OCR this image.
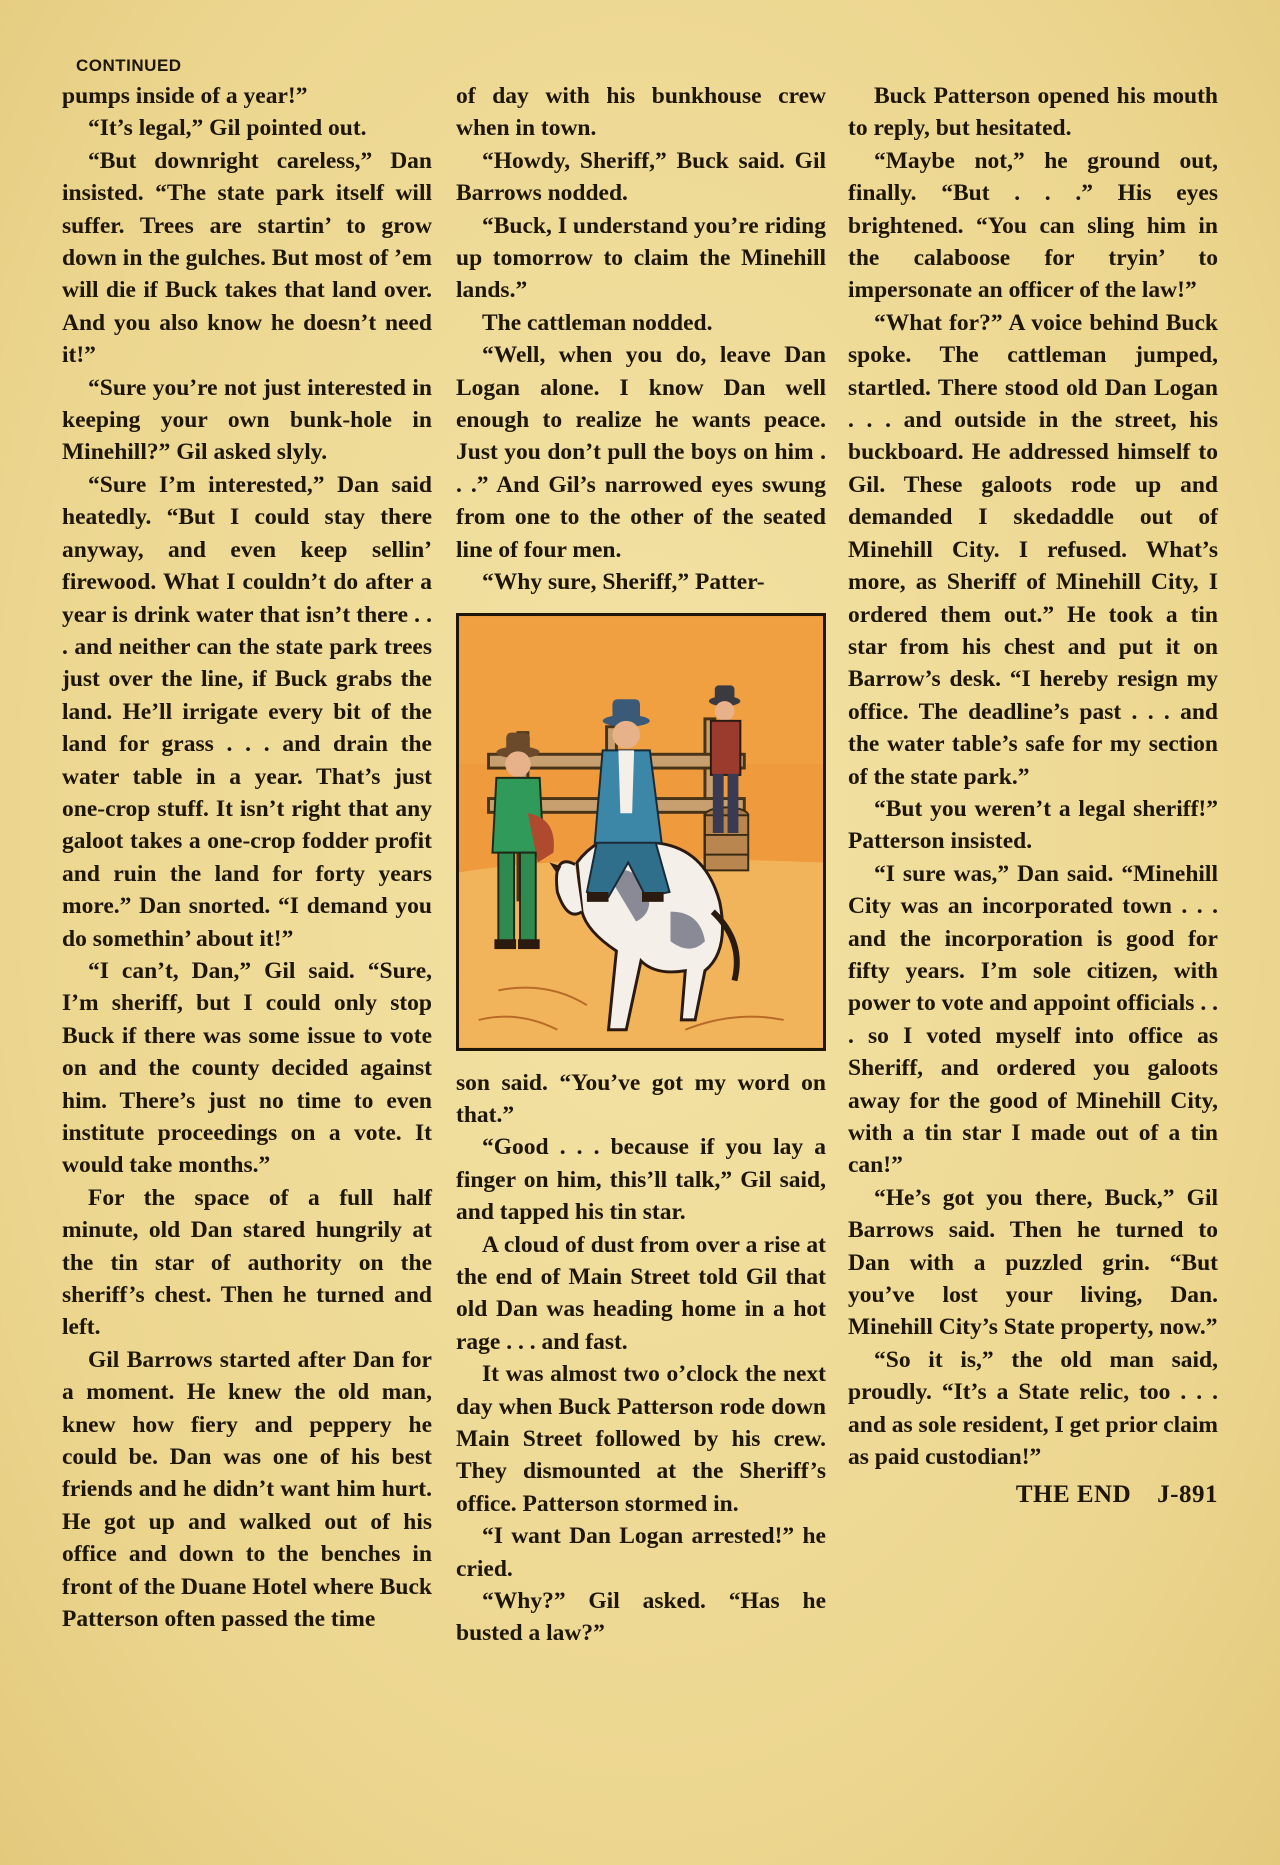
CONTINUED

pumps inside of a year!”

“It’s legal,” Gil pointed out.

“But downright careless,” Dan insisted. “The state park itself will suffer. Trees are startin’ to grow down in the gulches. But most of ’em will die if Buck takes that land over. And you also know he doesn’t need it!”

“Sure you’re not just interested in keeping your own bunk-hole in Minehill?” Gil asked slyly.

“Sure I’m interested,” Dan said heatedly. “But I could stay there anyway, and even keep sellin’ firewood. What I couldn’t do after a year is drink water that isn’t there . . . and neither can the state park trees just over the line, if Buck grabs the land. He’ll irrigate every bit of the land for grass . . . and drain the water table in a year. That’s just one-crop stuff. It isn’t right that any galoot takes a one-crop fodder profit and ruin the land for forty years more.” Dan snorted. “I demand you do somethin’ about it!”

“I can’t, Dan,” Gil said. “Sure, I’m sheriff, but I could only stop Buck if there was some issue to vote on and the county decided against him. There’s just no time to even institute proceedings on a vote. It would take months.”

For the space of a full half minute, old Dan stared hungrily at the tin star of authority on the sheriff’s chest. Then he turned and left.

Gil Barrows started after Dan for a moment. He knew the old man, knew how fiery and peppery he could be. Dan was one of his best friends and he didn’t want him hurt. He got up and walked out of his office and down to the benches in front of the Duane Hotel where Buck Patterson often passed the time

of day with his bunkhouse crew when in town.

“Howdy, Sheriff,” Buck said. Gil Barrows nodded.

“Buck, I understand you’re riding up tomorrow to claim the Minehill lands.”

The cattleman nodded.

“Well, when you do, leave Dan Logan alone. I know Dan well enough to realize he wants peace. Just you don’t pull the boys on him . . .” And Gil’s narrowed eyes swung from one to the other of the seated line of four men.

“Why sure, Sheriff,” Patter-

son said. “You’ve got my word on that.”

“Good . . . because if you lay a finger on him, this’ll talk,” Gil said, and tapped his tin star.

A cloud of dust from over a rise at the end of Main Street told Gil that old Dan was heading home in a hot rage . . . and fast.

It was almost two o’clock the next day when Buck Patterson rode down Main Street followed by his crew. They dismounted at the Sheriff’s office. Patterson stormed in.

“I want Dan Logan arrested!” he cried.

“Why?” Gil asked. “Has he busted a law?”

Buck Patterson opened his mouth to reply, but hesitated.

“Maybe not,” he ground out, finally. “But . . .” His eyes brightened. “You can sling him in the calaboose for tryin’ to impersonate an officer of the law!”

“What for?” A voice behind Buck spoke. The cattleman jumped, startled. There stood old Dan Logan . . . and outside in the street, his buckboard. He addressed himself to Gil. These galoots rode up and demanded I skedaddle out of Minehill City. I refused. What’s more, as Sheriff of Minehill City, I ordered them out.” He took a tin star from his chest and put it on Barrow’s desk. “I hereby resign my office. The deadline’s past . . . and the water table’s safe for my section of the state park.”

“But you weren’t a legal sheriff!” Patterson insisted.

“I sure was,” Dan said. “Minehill City was an incorporated town . . . and the incorporation is good for fifty years. I’m sole citizen, with power to vote and appoint officials . . . so I voted myself into office as Sheriff, and ordered you galoots away for the good of Minehill City, with a tin star I made out of a tin can!”

“He’s got you there, Buck,” Gil Barrows said. Then he turned to Dan with a puzzled grin. “But you’ve lost your living, Dan. Minehill City’s State property, now.”

“So it is,” the old man said, proudly. “It’s a State relic, too . . . and as sole resident, I get prior claim as paid custodian!”

THE END J-891
